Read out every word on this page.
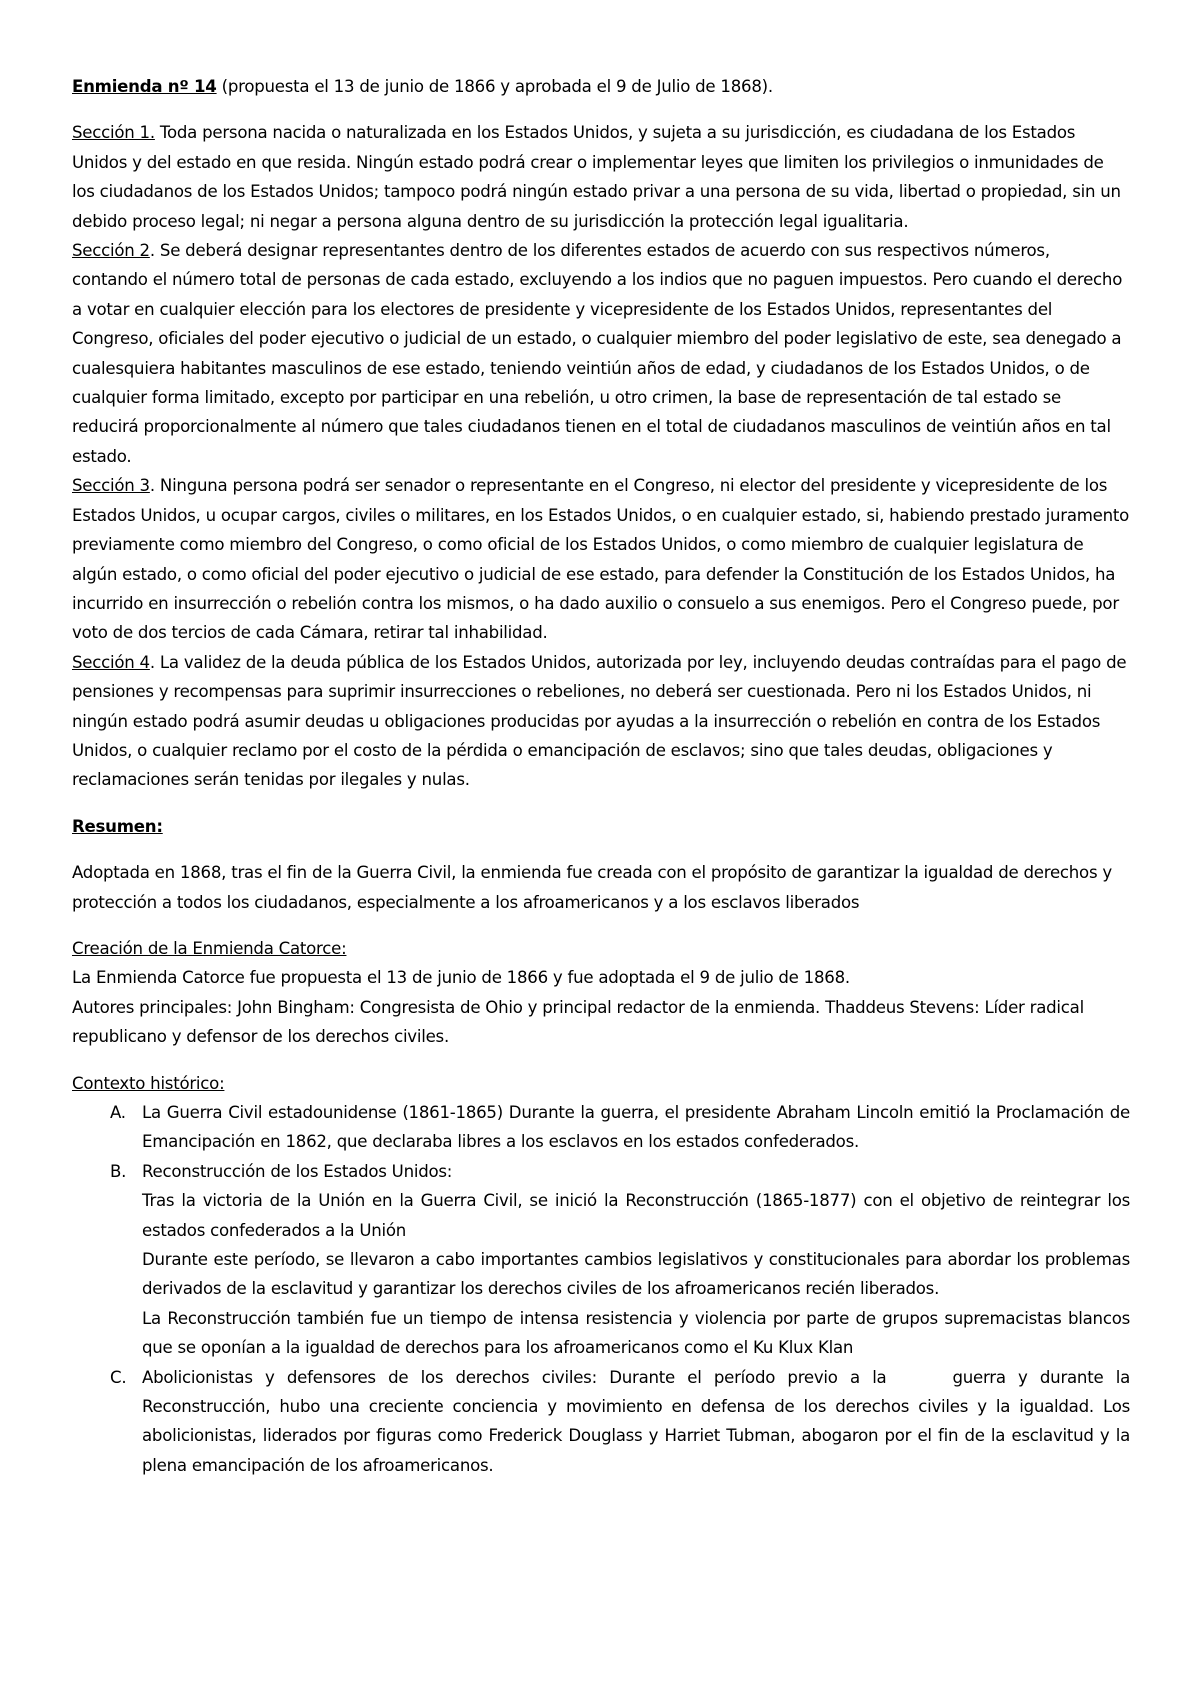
Enmienda nº 14 (propuesta el 13 de junio de 1866 y aprobada el 9 de Julio de 1868).

Sección 1. Toda persona nacida o naturalizada en los Estados Unidos, y sujeta a su jurisdicción, es ciudadana de los Estados Unidos y del estado en que resida. Ningún estado podrá crear o implementar leyes que limiten los privilegios o inmunidades de los ciudadanos de los Estados Unidos; tampoco podrá ningún estado privar a una persona de su vida, libertad o propiedad, sin un debido proceso legal; ni negar a persona alguna dentro de su jurisdicción la protección legal igualitaria.

Sección 2. Se deberá designar representantes dentro de los diferentes estados de acuerdo con sus respectivos números, contando el número total de personas de cada estado, excluyendo a los indios que no paguen impuestos. Pero cuando el derecho a votar en cualquier elección para los electores de presidente y vicepresidente de los Estados Unidos, representantes del Congreso, oficiales del poder ejecutivo o judicial de un estado, o cualquier miembro del poder legislativo de este, sea denegado a cualesquiera habitantes masculinos de ese estado, teniendo veintiún años de edad, y ciudadanos de los Estados Unidos, o de cualquier forma limitado, excepto por participar en una rebelión, u otro crimen, la base de representación de tal estado se reducirá proporcionalmente al número que tales ciudadanos tienen en el total de ciudadanos masculinos de veintiún años en tal estado.

Sección 3. Ninguna persona podrá ser senador o representante en el Congreso, ni elector del presidente y vicepresidente de los Estados Unidos, u ocupar cargos, civiles o militares, en los Estados Unidos, o en cualquier estado, si, habiendo prestado juramento previamente como miembro del Congreso, o como oficial de los Estados Unidos, o como miembro de cualquier legislatura de algún estado, o como oficial del poder ejecutivo o judicial de ese estado, para defender la Constitución de los Estados Unidos, ha incurrido en insurrección o rebelión contra los mismos, o ha dado auxilio o consuelo a sus enemigos. Pero el Congreso puede, por voto de dos tercios de cada Cámara, retirar tal inhabilidad.

Sección 4. La validez de la deuda pública de los Estados Unidos, autorizada por ley, incluyendo deudas contraídas para el pago de pensiones y recompensas para suprimir insurrecciones o rebeliones, no deberá ser cuestionada. Pero ni los Estados Unidos, ni ningún estado podrá asumir deudas u obligaciones producidas por ayudas a la insurrección o rebelión en contra de los Estados Unidos, o cualquier reclamo por el costo de la pérdida o emancipación de esclavos; sino que tales deudas, obligaciones y reclamaciones serán tenidas por ilegales y nulas.

Resumen:

Adoptada en 1868, tras el fin de la Guerra Civil, la enmienda fue creada con el propósito de garantizar la igualdad de derechos y protección a todos los ciudadanos, especialmente a los afroamericanos y a los esclavos liberados

Creación de la Enmienda Catorce:

La Enmienda Catorce fue propuesta el 13 de junio de 1866 y fue adoptada el 9 de julio de 1868.

Autores principales: John Bingham: Congresista de Ohio y principal redactor de la enmienda. Thaddeus Stevens: Líder radical republicano y defensor de los derechos civiles.

Contexto histórico:

A. La Guerra Civil estadounidense (1861-1865) Durante la guerra, el presidente Abraham Lincoln emitió la Proclamación de Emancipación en 1862, que declaraba libres a los esclavos en los estados confederados.

B. Reconstrucción de los Estados Unidos:

Tras la victoria de la Unión en la Guerra Civil, se inició la Reconstrucción (1865-1877) con el objetivo de reintegrar los estados confederados a la Unión

Durante este período, se llevaron a cabo importantes cambios legislativos y constitucionales para abordar los problemas derivados de la esclavitud y garantizar los derechos civiles de los afroamericanos recién liberados.

La Reconstrucción también fue un tiempo de intensa resistencia y violencia por parte de grupos supremacistas blancos que se oponían a la igualdad de derechos para los afroamericanos como el Ku Klux Klan

C. Abolicionistas y defensores de los derechos civiles: Durante el período previo a la	guerra y durante la Reconstrucción, hubo una creciente conciencia y movimiento en defensa de los derechos civiles y la igualdad. Los abolicionistas, liderados por figuras como Frederick Douglass y Harriet Tubman, abogaron por el fin de la esclavitud y la plena emancipación de los afroamericanos.
